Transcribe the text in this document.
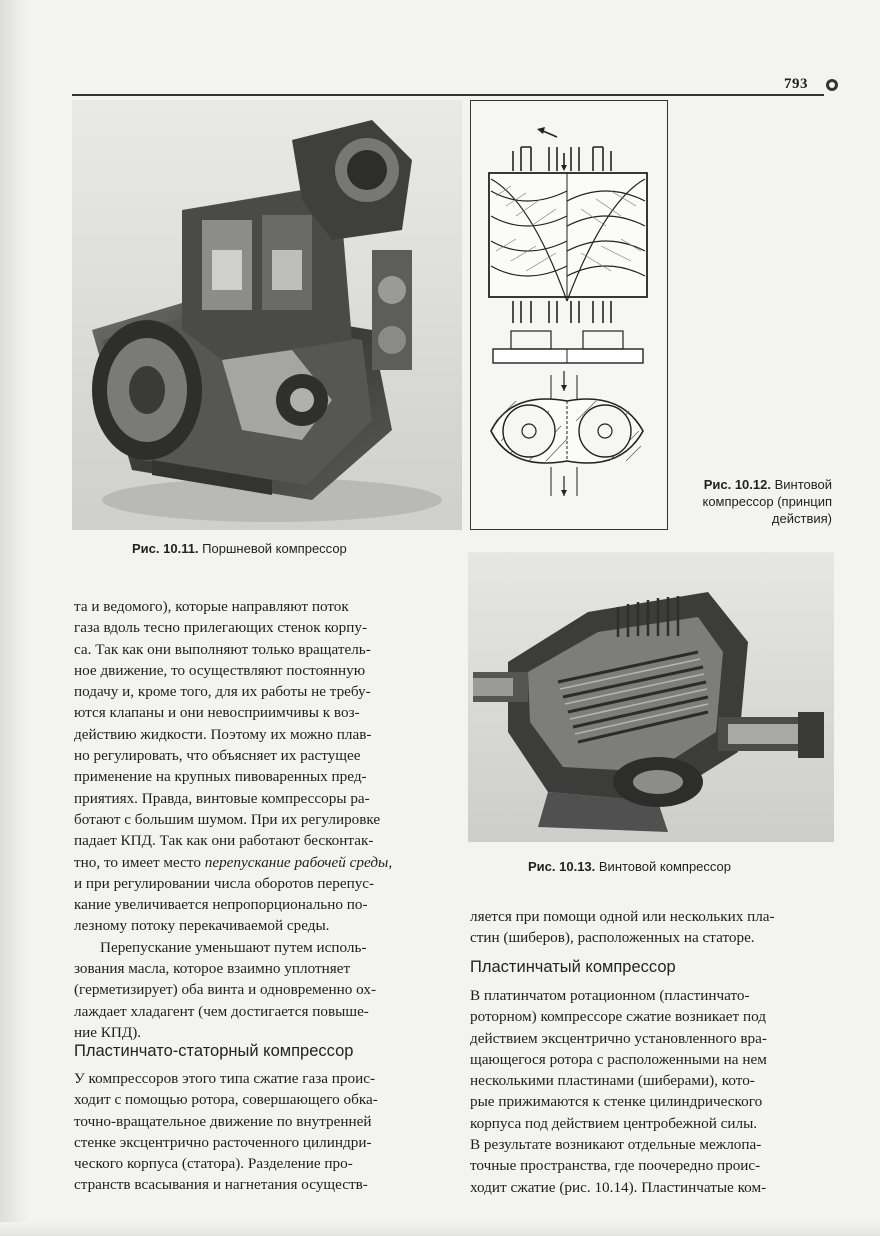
793
Рис. 10.11. Поршневой компрессор
Рис. 10.12. Винтовой
компрессор (принцип
действия)
Рис. 10.13. Винтовой компрессор

та и ведомого), которые направляют поток
газа вдоль тесно прилегающих стенок корпу-
са. Так как они выполняют только вращатель-
ное движение, то осуществляют постоянную
подачу и, кроме того, для их работы не требу-
ются клапаны и они невосприимчивы к воз-
действию жидкости. Поэтому их можно плав-
но регулировать, что объясняет их растущее
применение на крупных пивоваренных пред-
приятиях. Правда, винтовые компрессоры ра-
ботают с большим шумом. При их регулировке
падает КПД. Так как они работают бесконтак-
тно, то имеет место перепускание рабочей среды,
и при регулировании числа оборотов перепус-
кание увеличивается непропорционально по-
лезному потоку перекачиваемой среды.

Перепускание уменьшают путем исполь-
зования масла, которое взаимно уплотняет
(герметизирует) оба винта и одновременно ох-
лаждает хладагент (чем достигается повыше-
ние КПД).

Пластинчато-статорный компрессор

У компрессоров этого типа сжатие газа проис-
ходит с помощью ротора, совершающего обка-
точно-вращательное движение по внутренней
стенке эксцентрично расточенного цилиндри-
ческого корпуса (статора). Разделение про-
странств всасывания и нагнетания осуществ-

ляется при помощи одной или нескольких пла-
стин (шиберов), расположенных на статоре.

Пластинчатый компрессор

В платинчатом ротационном (пластинчато-
роторном) компрессоре сжатие возникает под
действием эксцентрично установленного вра-
щающегося ротора с расположенными на нем
несколькими пластинами (шиберами), кото-
рые прижимаются к стенке цилиндрического
корпуса под действием центробежной силы.
В результате возникают отдельные межлопа-
точные пространства, где поочередно проис-
ходит сжатие (рис. 10.14). Пластинчатые ком-
